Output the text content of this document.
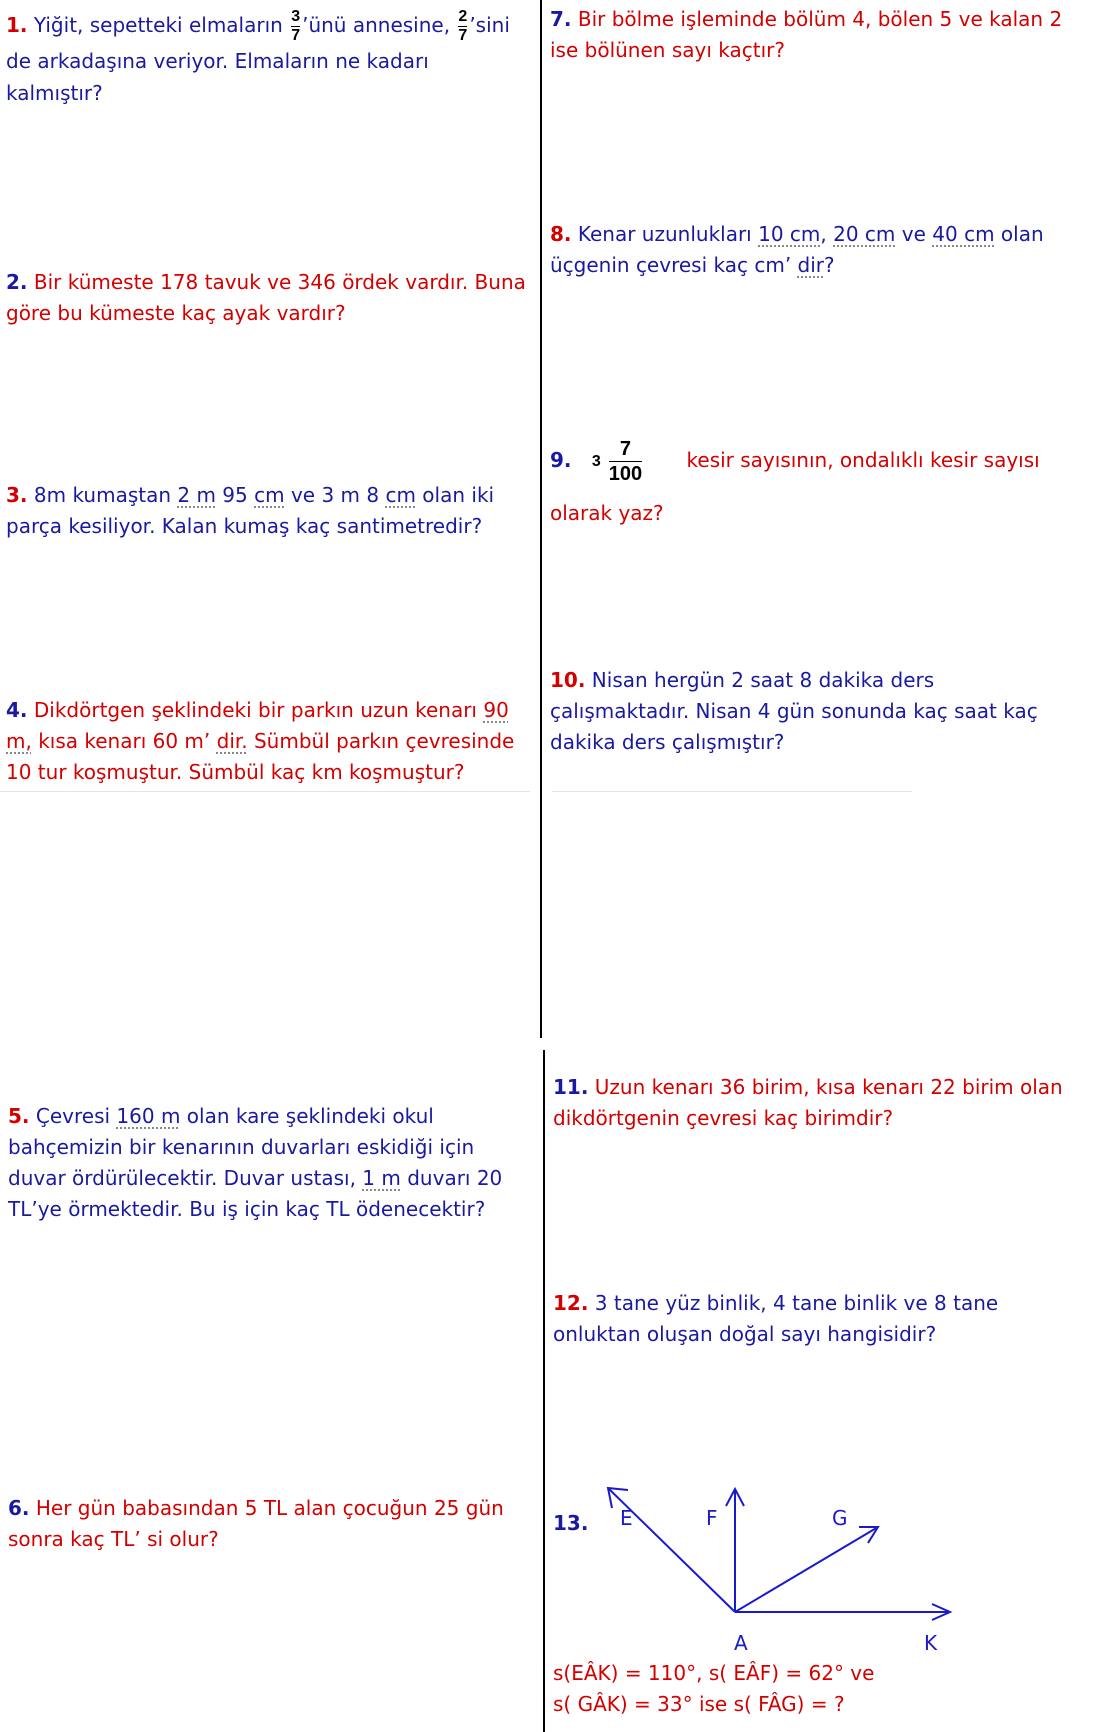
1. Yiğit, sepetteki elmaların $\frac{3}{7}$ ’ünü annesine, $\frac{2}{7}$ ’sini de arkadaşına veriyor. Elmaların ne kadarı kalmıştır?
2. Bir kümeste 178 tavuk ve 346 ördek vardır. Buna göre bu kümeste kaç ayak vardır?
3. 8m kumaştan 2 m 95 cm ve 3 m 8 cm olan iki parça kesiliyor. Kalan kumaş kaç santimetredir?
4. Dikdörtgen şeklindeki bir parkın uzun kenarı 90 m, kısa kenarı 60 m’ dir. Sümbül parkın çevresinde 10 tur koşmuştur. Sümbül kaç km koşmuştur?
5. Çevresi 160 m olan kare şeklindeki okul bahçemizin bir kenarının duvarları eskidiği için duvar ördürülecektir. Duvar ustası, 1 m duvarı 20 TL’ye örmektedir. Bu iş için kaç TL ödenecektir?
6. Her gün babasından 5 TL alan çocuğun 25 gün sonra kaç TL’ si olur?
7. Bir bölme işleminde bölüm 4, bölen 5 ve kalan 2 ise bölünen sayı kaçtır?
8. Kenar uzunlukları 10 cm, 20 cm ve 40 cm olan üçgenin çevresi kaç cm’ dir?
9. $3 \frac{7}{100}$ kesir sayısının, ondalıklı kesir sayısı
olarak yaz?
10. Nisan hergün 2 saat 8 dakika ders çalışmaktadır. Nisan 4 gün sonunda kaç saat kaç dakika ders çalışmıştır?
11. Uzun kenarı 36 birim, kısa kenarı 22 birim olan dikdörtgenin çevresi kaç birimdir?
12. 3 tane yüz binlik, 4 tane binlik ve 8 tane onluktan oluşan doğal sayı hangisidir?
13. E	F	G
A	K
s(EÂK) = 110°, s( EÂF) = 62° ve
s( GÂK) = 33° ise s( FÂG) = ?
